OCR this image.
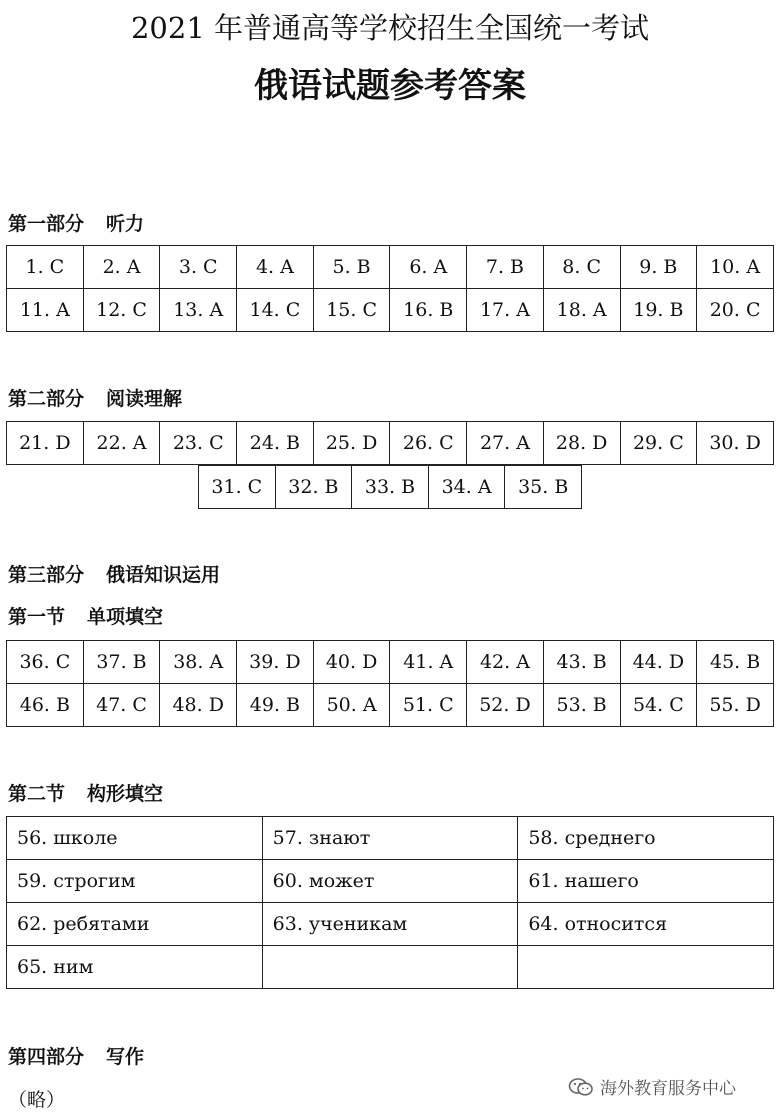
2021 年普通高等学校招生全国统一考试
俄语试题参考答案
第一部分 听力
1. C	2. A	3. C	4. A	5. B	6. A	7. B	8. C	9. B	10. A
11. A	12. C	13. A	14. C	15. C	16. B	17. A	18. A	19. B	20. C
第二部分 阅读理解
21. D	22. A	23. C	24. B	25. D	26. C	27. A	28. D	29. C	30. D
31. C	32. B	33. B	34. A	35. B
第三部分 俄语知识运用
第一节 单项填空
36. C	37. B	38. A	39. D	40. D	41. A	42. A	43. B	44. D	45. B
46. B	47. C	48. D	49. B	50. A	51. C	52. D	53. B	54. C	55. D
第二节 构形填空
56. школе	57. знают	58. среднего
59. строгим	60. может	61. нашего
62. ребятами	63. ученикам	64. относится
65. ним		
第四部分 写作
（略）	海外教育服务中心
